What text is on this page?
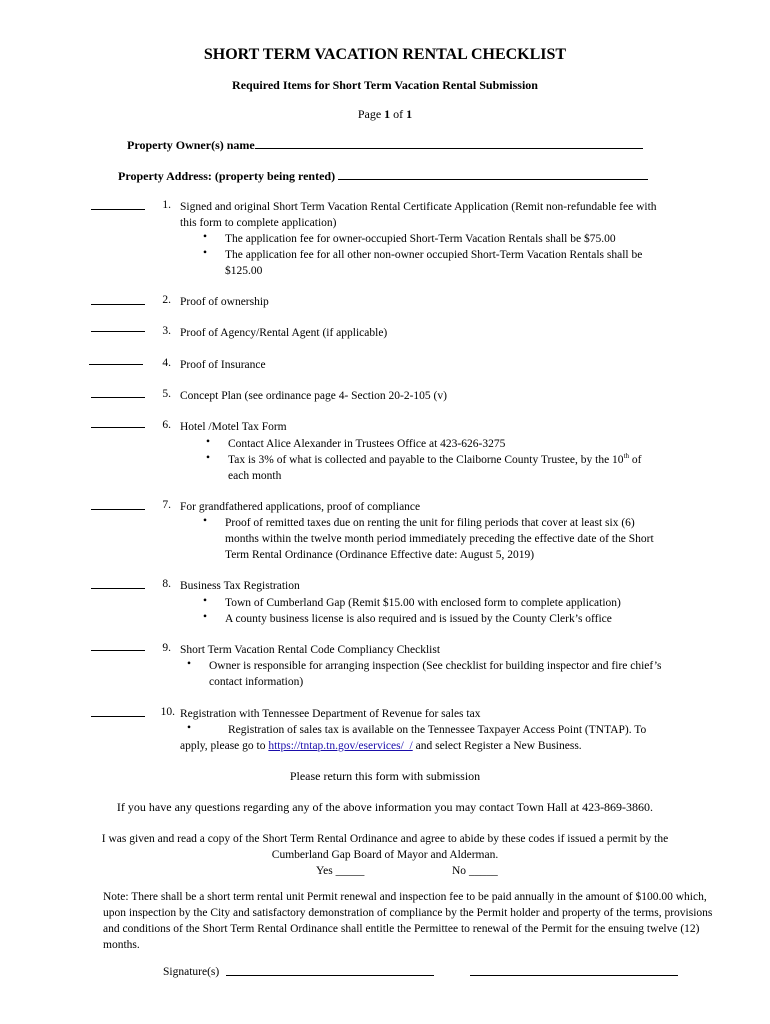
SHORT TERM VACATION RENTAL CHECKLIST
Required Items for Short Term Vacation Rental Submission
Page 1 of 1
Property Owner(s) name
Property Address: (property being rented)
1. Signed and original Short Term Vacation Rental Certificate Application (Remit non-refundable fee with
this form to complete application)
• The application fee for owner-occupied Short-Term Vacation Rentals shall be $75.00
• The application fee for all other non-owner occupied Short-Term Vacation Rentals shall be
$125.00
2. Proof of ownership
3. Proof of Agency/Rental Agent (if applicable)
4. Proof of Insurance
5. Concept Plan (see ordinance page 4- Section 20-2-105 (v)
6. Hotel /Motel Tax Form
• Contact Alice Alexander in Trustees Office at 423-626-3275
• Tax is 3% of what is collected and payable to the Claiborne County Trustee, by the 10th of
each month
7. For grandfathered applications, proof of compliance
• Proof of remitted taxes due on renting the unit for filing periods that cover at least six (6)
months within the twelve month period immediately preceding the effective date of the Short
Term Rental Ordinance (Ordinance Effective date: August 5, 2019)
8. Business Tax Registration
• Town of Cumberland Gap (Remit $15.00 with enclosed form to complete application)
• A county business license is also required and is issued by the County Clerk’s office
9. Short Term Vacation Rental Code Compliancy Checklist
• Owner is responsible for arranging inspection (See checklist for building inspector and fire chief’s
contact information)
10. Registration with Tennessee Department of Revenue for sales tax
•	Registration of sales tax is available on the Tennessee Taxpayer Access Point (TNTAP). To
apply, please go to https://tntap.tn.gov/eservices/_/ and select Register a New Business.
Please return this form with submission
If you have any questions regarding any of the above information you may contact Town Hall at 423-869-3860.
I was given and read a copy of the Short Term Rental Ordinance and agree to abide by these codes if issued a permit by the
Cumberland Gap Board of Mayor and Alderman.
Yes _____	No _____
Note: There shall be a short term rental unit Permit renewal and inspection fee to be paid annually in the amount of $100.00 which,
upon inspection by the City and satisfactory demonstration of compliance by the Permit holder and property of the terms, provisions
and conditions of the Short Term Rental Ordinance shall entitle the Permittee to renewal of the Permit for the ensuing twelve (12)
months.
Signature(s)
